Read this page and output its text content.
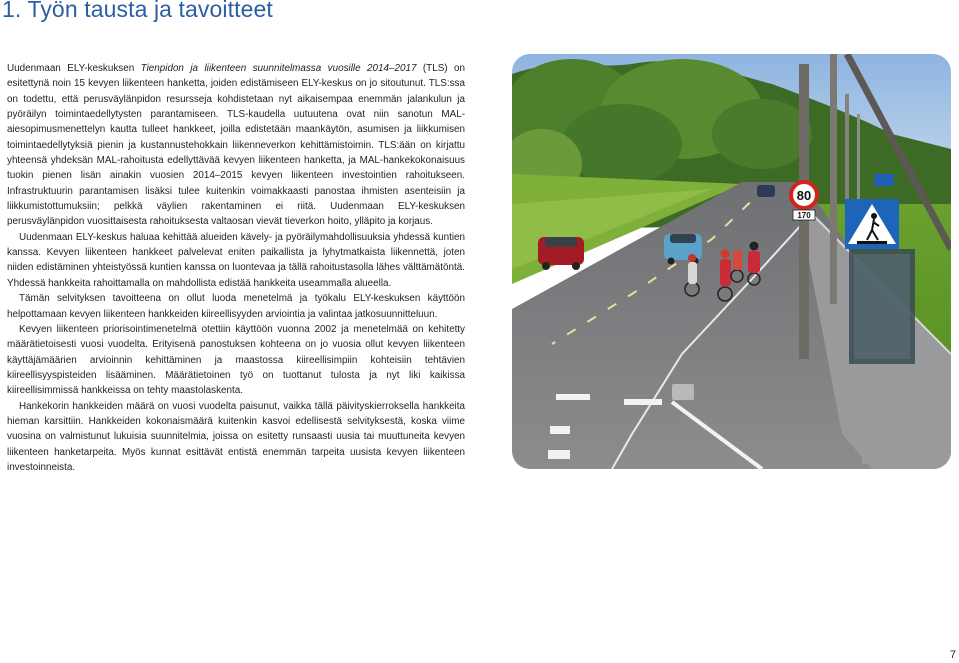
1. Työn tausta ja tavoitteet

Uudenmaan ELY-keskuksen Tienpidon ja liikenteen suunnitelmassa vuosille 2014–2017 (TLS) on esitettynä noin 15 kevyen liikenteen hanketta, joiden edistämiseen ELY-keskus on jo sitoutunut. TLS:ssa on todettu, että perusväylänpidon resursseja kohdistetaan nyt aikaisempaa enemmän jalankulun ja pyöräilyn toimintaedellytysten parantamiseen. TLS-kaudella uutuutena ovat niin sanotun MAL-aiesopimusmenettelyn kautta tulleet hankkeet, joilla edistetään maankäytön, asumisen ja liikkumisen toimintaedellytyksiä pienin ja kustannustehokkain liikenneverkon kehittämistoimin. TLS:ään on kirjattu yhteensä yhdeksän MAL-rahoitusta edellyttävää kevyen liikenteen hanketta, ja MAL-hankekokonaisuus tuokin pienen lisän ainakin vuosien 2014–2015 kevyen liikenteen investointien rahoitukseen. Infrastruktuurin parantamisen lisäksi tulee kuitenkin voimakkaasti panostaa ihmisten asenteisiin ja liikkumistottumuksiin; pelkkä väylien rakentaminen ei riitä. Uudenmaan ELY-keskuksen perusväylänpidon vuosittaisesta rahoituksesta valtaosan vievät tieverkon hoito, ylläpito ja korjaus.

Uudenmaan ELY-keskus haluaa kehittää alueiden kävely- ja pyöräilymahdollisuuksia yhdessä kuntien kanssa. Kevyen liikenteen hankkeet palvelevat eniten paikallista ja lyhytmatkaista liikennettä, joten niiden edistäminen yhteistyössä kuntien kanssa on luontevaa ja tällä rahoitustasolla lähes välttämätöntä. Yhdessä hankkeita rahoittamalla on mahdollista edistää hankkeita useammalla alueella.

Tämän selvityksen tavoitteena on ollut luoda menetelmä ja työkalu ELY-keskuksen käyttöön helpottamaan kevyen liikenteen hankkeiden kiireellisyyden arviointia ja valintaa jatkosuunnitteluun.

Kevyen liikenteen priorisointimenetelmä otettiin käyttöön vuonna 2002 ja menetelmää on kehitetty määrätietoisesti vuosi vuodelta. Erityisenä panostuksen kohteena on jo vuosia ollut kevyen liikenteen käyttäjämäärien arvioinnin kehittäminen ja maastossa kiireellisimpiin kohteisiin tehtävien kiireellisyyspisteiden lisääminen. Määrätietoinen työ on tuottanut tulosta ja nyt liki kaikissa kiireellisimmissä hankkeissa on tehty maastolaskenta.

Hankekorin hankkeiden määrä on vuosi vuodelta paisunut, vaikka tällä päivityskierroksella hankkeita hieman karsittiin. Hankkeiden kokonaismäärä kuitenkin kasvoi edellisestä selvityksestä, koska viime vuosina on valmistunut lukuisia suunnitelmia, joissa on esitetty runsaasti uusia tai muuttuneita kevyen liikenteen hanketarpeita. Myös kunnat esittävät entistä enemmän tarpeita uusista kevyen liikenteen investoinneista.

80
170
7
